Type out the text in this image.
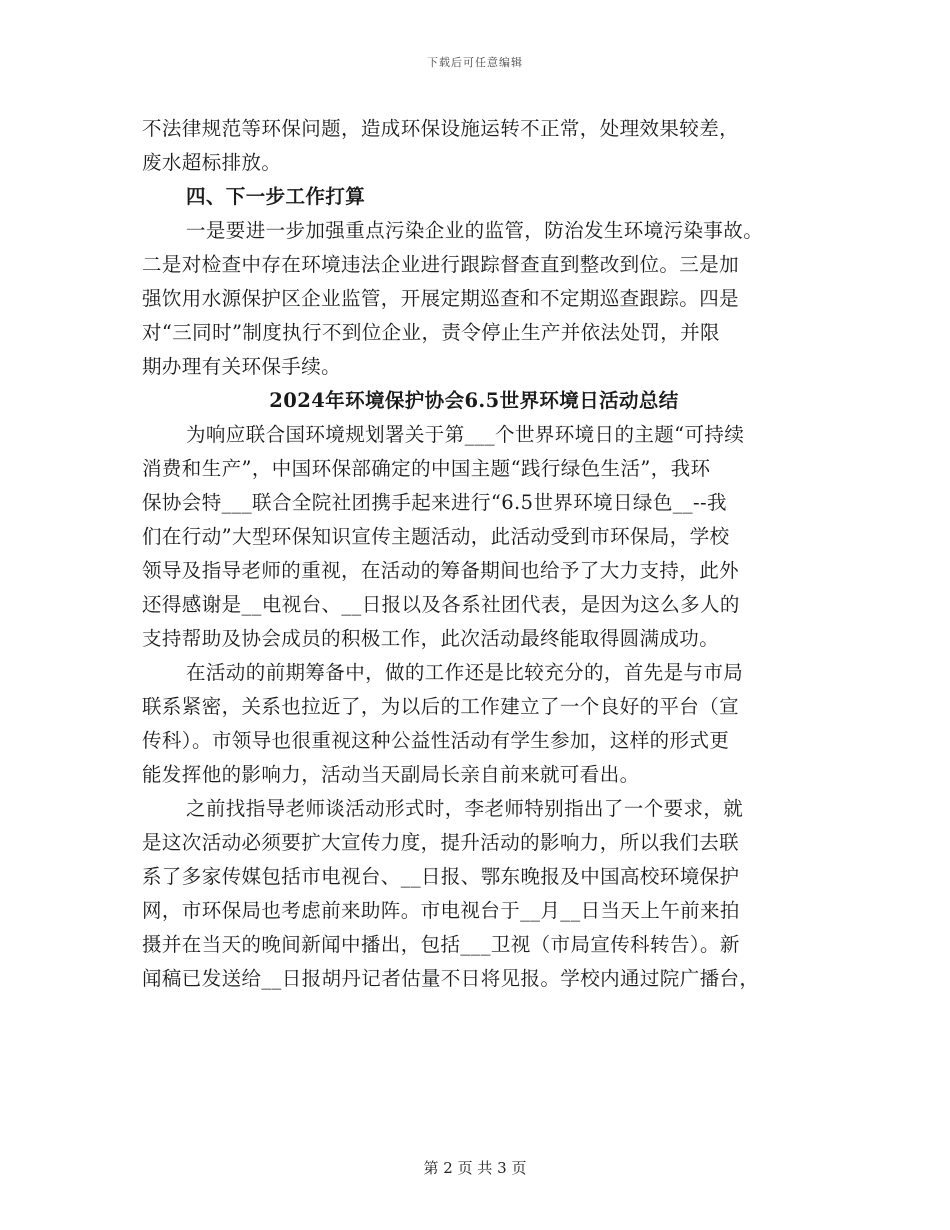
下载后可任意编辑
不法律规范等环保问题，造成环保设施运转不正常，处理效果较差，
废水超标排放。
四、下一步工作打算
一是要进一步加强重点污染企业的监管，防治发生环境污染事故。
二是对检查中存在环境违法企业进行跟踪督查直到整改到位。三是加
强饮用水源保护区企业监管，开展定期巡查和不定期巡查跟踪。四是
对“三同时”制度执行不到位企业，责令停止生产并依法处罚，并限
期办理有关环保手续。
2024年环境保护协会6.5世界环境日活动总结
为响应联合国环境规划署关于第___个世界环境日的主题“可持续
消费和生产”，中国环保部确定的中国主题“践行绿色生活”，我环
保协会特___联合全院社团携手起来进行“6.5世界环境日绿色__--我
们在行动”大型环保知识宣传主题活动，此活动受到市环保局，学校
领导及指导老师的重视，在活动的筹备期间也给予了大力支持，此外
还得感谢是__电视台、__日报以及各系社团代表，是因为这么多人的
支持帮助及协会成员的积极工作，此次活动最终能取得圆满成功。
在活动的前期筹备中，做的工作还是比较充分的，首先是与市局
联系紧密，关系也拉近了，为以后的工作建立了一个良好的平台（宣
传科）。市领导也很重视这种公益性活动有学生参加，这样的形式更
能发挥他的影响力，活动当天副局长亲自前来就可看出。
之前找指导老师谈活动形式时，李老师特别指出了一个要求，就
是这次活动必须要扩大宣传力度，提升活动的影响力，所以我们去联
系了多家传媒包括市电视台、__日报、鄂东晚报及中国高校环境保护
网，市环保局也考虑前来助阵。市电视台于__月__日当天上午前来拍
摄并在当天的晚间新闻中播出，包括___卫视（市局宣传科转告）。新
闻稿已发送给__日报胡丹记者估量不日将见报。学校内通过院广播台，
第 2 页 共 3 页
